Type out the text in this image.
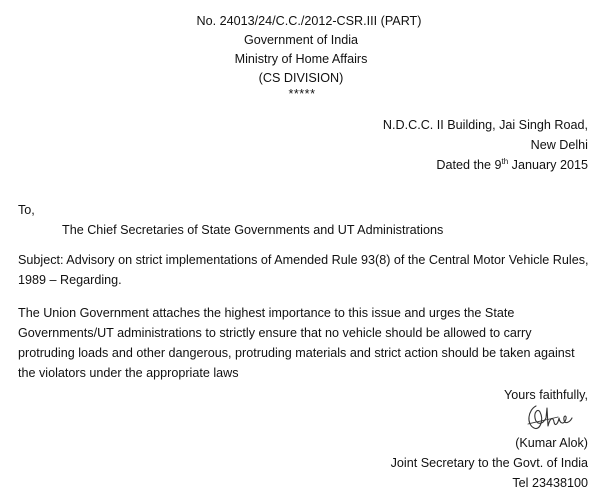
No. 24013/24/C.C./2012-CSR.III (PART)
Government of India
Ministry of Home Affairs
(CS DIVISION)
*****
N.D.C.C. II Building, Jai Singh Road,
New Delhi
Dated the 9th January 2015
To,
The Chief Secretaries of State Governments and UT Administrations
Subject: Advisory on strict implementations of Amended Rule 93(8) of the Central Motor Vehicle Rules, 1989 – Regarding.
The Union Government attaches the highest importance to this issue and urges the State Governments/UT administrations to strictly ensure that no vehicle should be allowed to carry protruding loads and other dangerous, protruding materials and strict action should be taken against the violators under the appropriate laws
Yours faithfully,
(Kumar Alok)
Joint Secretary to the Govt. of India
Tel 23438100
